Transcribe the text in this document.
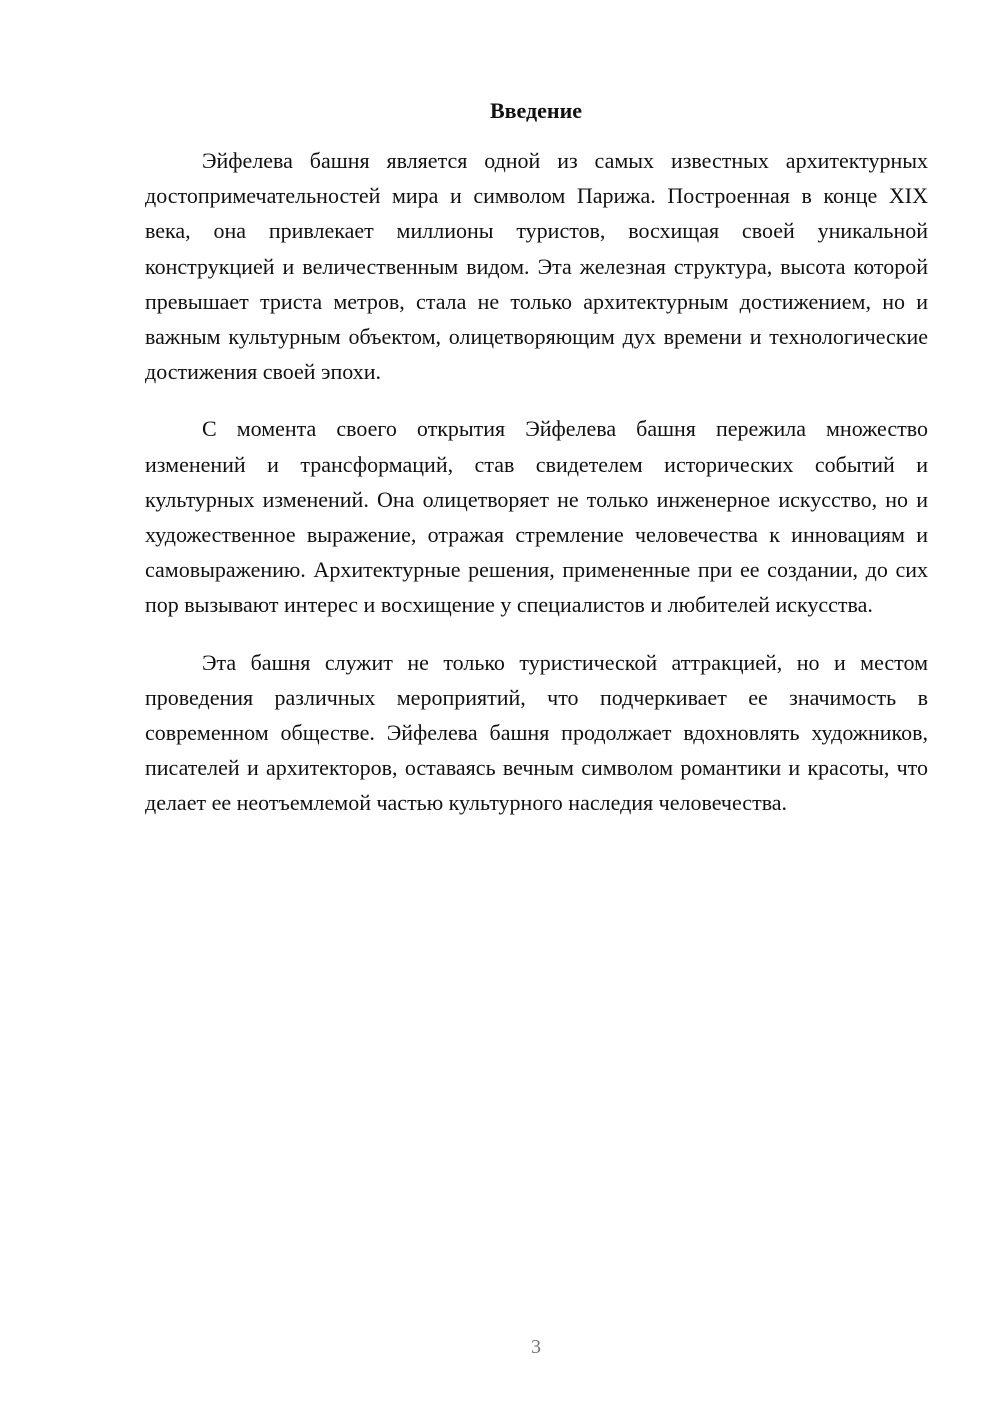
Введение

Эйфелева башня является одной из самых известных архитектурных достопримечательностей мира и символом Парижа. Построенная в конце XIX века, она привлекает миллионы туристов, восхищая своей уникальной конструкцией и величественным видом. Эта железная структура, высота которой превышает триста метров, стала не только архитектурным достижением, но и важным культурным объектом, олицетворяющим дух времени и технологические достижения своей эпохи.

С момента своего открытия Эйфелева башня пережила множество изменений и трансформаций, став свидетелем исторических событий и культурных изменений. Она олицетворяет не только инженерное искусство, но и художественное выражение, отражая стремление человечества к инновациям и самовыражению. Архитектурные решения, примененные при ее создании, до сих пор вызывают интерес и восхищение у специалистов и любителей искусства.

Эта башня служит не только туристической аттракцией, но и местом проведения различных мероприятий, что подчеркивает ее значимость в современном обществе. Эйфелева башня продолжает вдохновлять художников, писателей и архитекторов, оставаясь вечным символом романтики и красоты, что делает ее неотъемлемой частью культурного наследия человечества.

3
